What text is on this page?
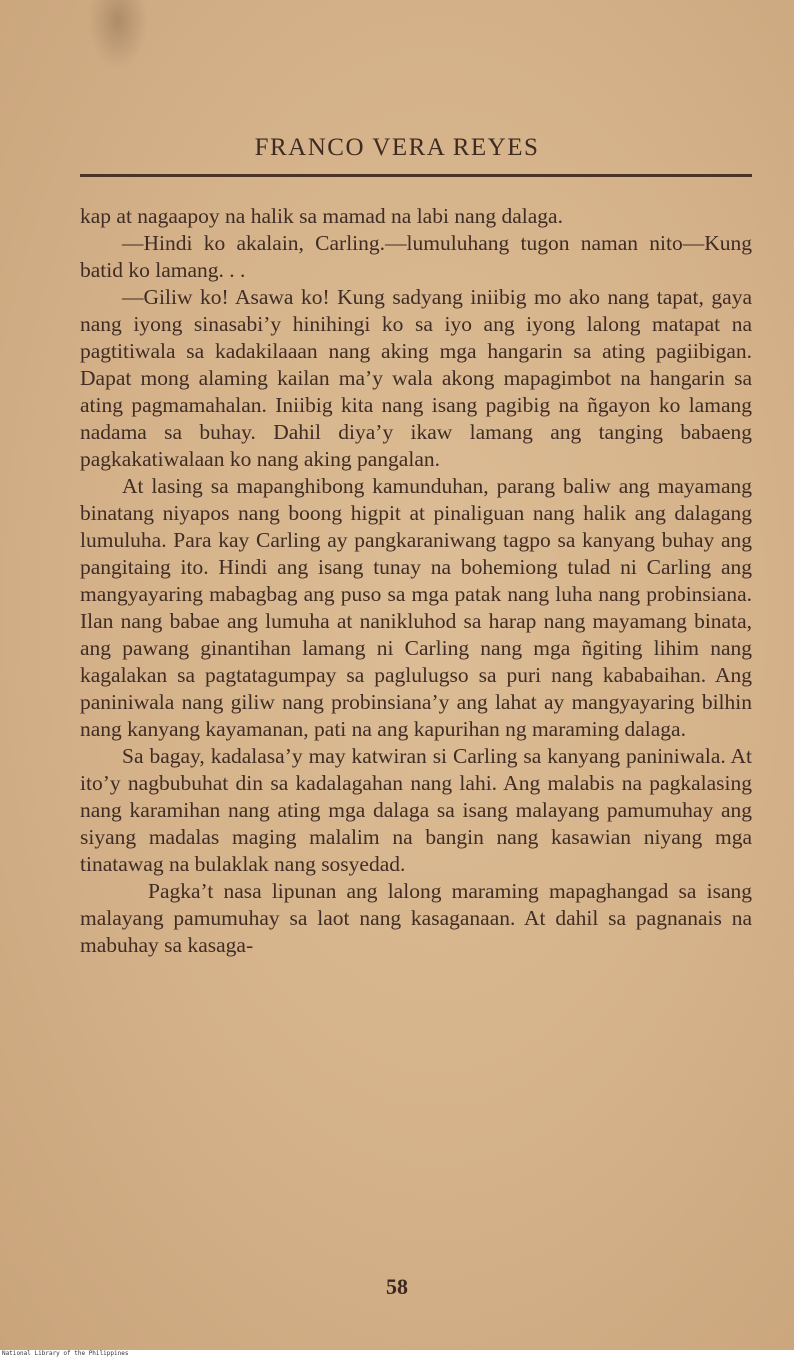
FRANCO VERA REYES

kap at nagaapoy na halik sa mamad na labi nang dalaga.

—Hindi ko akalain, Carling.—lumuluhang tugon naman nito—Kung batid ko lamang. . .

—Giliw ko! Asawa ko! Kung sadyang iniibig mo ako nang tapat, gaya nang iyong sinasabi’y hinihingi ko sa iyo ang iyong lalong matapat na pagtitiwala sa kadakilaaan nang aking mga hangarin sa ating pagiibigan. Dapat mong alaming kailan ma’y wala akong mapagimbot na hangarin sa ating pagmamahalan. Iniibig kita nang isang pagibig na ñgayon ko lamang nadama sa buhay. Dahil diya’y ikaw lamang ang tanging babaeng pagkakatiwalaan ko nang aking pangalan.

At lasing sa mapanghibong kamunduhan, parang baliw ang mayamang binatang niyapos nang boong higpit at pinaliguan nang halik ang dalagang lumuluha. Para kay Carling ay pangkaraniwang tagpo sa kanyang buhay ang pangitaing ito. Hindi ang isang tunay na bohemiong tulad ni Carling ang mangyayaring mabagbag ang puso sa mga patak nang luha nang probinsiana. Ilan nang babae ang lumuha at nanikluhod sa harap nang mayamang binata, ang pawang ginantihan lamang ni Carling nang mga ñgiting lihim nang kagalakan sa pagtatagumpay sa paglulugso sa puri nang kababaihan. Ang paniniwala nang giliw nang probinsiana’y ang lahat ay mangyayaring bilhin nang kanyang kayamanan, pati na ang kapurihan ng maraming dalaga.

Sa bagay, kadalasa’y may katwiran si Carling sa kanyang paniniwala. At ito’y nagbubuhat din sa kadalagahan nang lahi. Ang malabis na pagkalasing nang karamihan nang ating mga dalaga sa isang malayang pamumuhay ang siyang madalas maging malalim na bangin nang kasawian niyang mga tinatawag na bulaklak nang sosyedad.

Pagka’t nasa lipunan ang lalong maraming mapaghangad sa isang malayang pamumuhay sa laot nang kasaganaan. At dahil sa pagnanais na mabuhay sa kasaga-

58
National Library of the Philippines
